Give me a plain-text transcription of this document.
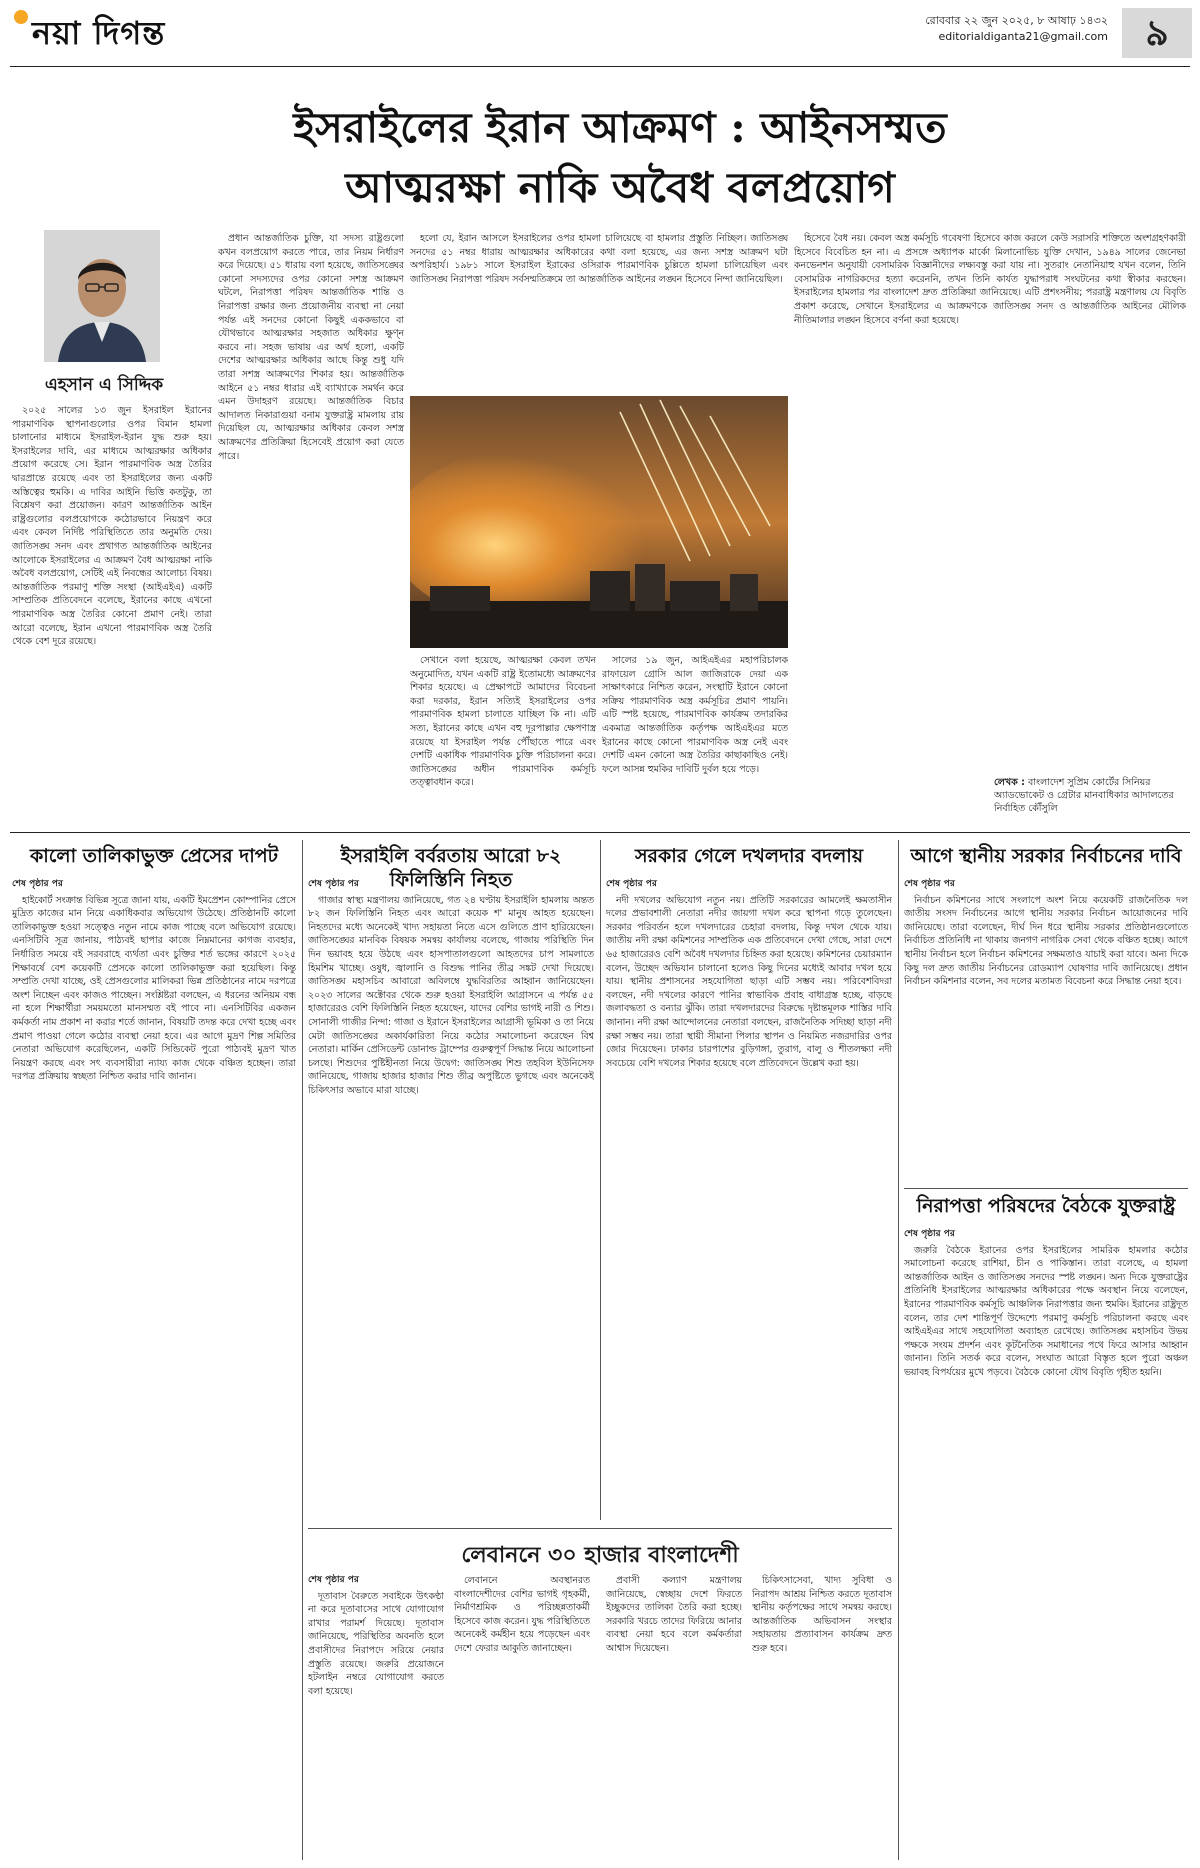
নয়া দিগন্ত	রোববার ২২ জুন ২০২৫, ৮ আষাঢ় ১৪৩২
editorialdiganta21@gmail.com	৯
ইসরাইলের ইরান আক্রমণ : আইনসম্মত
আত্মরক্ষা নাকি অবৈধ বলপ্রয়োগ
এহসান এ সিদ্দিক

২০২৫ সালের ১৩ জুন ইসরাইল ইরানের পারমাণবিক স্থাপনাগুলোর ওপর বিমান হামলা চালানোর মাধ্যমে ইসরাইল-ইরান যুদ্ধ শুরু হয়। ইসরাইলের দাবি, এর মাধ্যমে আত্মরক্ষার অধিকার প্রয়োগ করেছে সে। ইরান পারমাণবিক অস্ত্র তৈরির দ্বারপ্রান্তে রয়েছে এবং তা ইসরাইলের জন্য একটি অস্তিত্বের হুমকি। এ দাবির আইনি ভিত্তি কতটুকু, তা বিশ্লেষণ করা প্রয়োজন। কারণ আন্তর্জাতিক আইন রাষ্ট্রগুলোর বলপ্রয়োগকে কঠোরভাবে নিয়ন্ত্রণ করে এবং কেবল নির্দিষ্ট পরিস্থিতিতে তার অনুমতি দেয়। জাতিসঙ্ঘ সনদ এবং প্রথাগত আন্তর্জাতিক আইনের আলোকে ইসরাইলের এ আক্রমণ বৈধ আত্মরক্ষা নাকি অবৈধ বলপ্রয়োগ, সেটিই এই নিবন্ধের আলোচ্য বিষয়। আন্তর্জাতিক পরমাণু শক্তি সংস্থা (আইএইএ) একটি সাম্প্রতিক প্রতিবেদনে বলেছে, ইরানের কাছে এখনো পারমাণবিক অস্ত্র তৈরির কোনো প্রমাণ নেই। তারা আরো বলেছে, ইরান এখনো পারমাণবিক অস্ত্র তৈরি থেকে বেশ দূরে রয়েছে।

প্রধান আন্তর্জাতিক চুক্তি, যা সদস্য রাষ্ট্রগুলো কখন বলপ্রয়োগ করতে পারে, তার নিয়ম নির্ধারণ করে দিয়েছে। ৫১ ধারায় বলা হয়েছে, জাতিসঙ্ঘের কোনো সদস্যদের ওপর কোনো সশস্ত্র আক্রমণ ঘটলে, নিরাপত্তা পরিষদ আন্তর্জাতিক শান্তি ও নিরাপত্তা রক্ষার জন্য প্রয়োজনীয় ব্যবস্থা না নেয়া পর্যন্ত এই সনদের কোনো কিছুই এককভাবে বা যৌথভাবে আত্মরক্ষার সহজাত অধিকার ক্ষুণ্ন করবে না। সহজ ভাষায় এর অর্থ হলো, একটি দেশের আত্মরক্ষার অধিকার আছে কিন্তু শুধু যদি তারা সশস্ত্র আক্রমণের শিকার হয়। আন্তর্জাতিক আইনে ৫১ নম্বর ধারার এই ব্যাখ্যাকে সমর্থন করে এমন উদাহরণ রয়েছে। আন্তর্জাতিক বিচার আদালত নিকারাগুয়া বনাম যুক্তরাষ্ট্র মামলায় রায় দিয়েছিল যে, আত্মরক্ষার অধিকার কেবল সশস্ত্র আক্রমণের প্রতিক্রিয়া হিসেবেই প্রয়োগ করা যেতে পারে।

হলো যে, ইরান আসলে ইসরাইলের ওপর হামলা চালিয়েছে বা হামলার প্রস্তুতি নিচ্ছিল। জাতিসঙ্ঘ সনদের ৫১ নম্বর ধারায় আত্মরক্ষার অধিকারের কথা বলা হয়েছে, এর জন্য সশস্ত্র আক্রমণ ঘটা অপরিহার্য। ১৯৮১ সালে ইসরাইল ইরাকের ওসিরাক পারমাণবিক চুল্লিতে হামলা চালিয়েছিল এবং জাতিসঙ্ঘ নিরাপত্তা পরিষদ সর্বসম্মতিক্রমে তা আন্তর্জাতিক আইনের লঙ্ঘন হিসেবে নিন্দা জানিয়েছিল।

সেখানে বলা হয়েছে, আত্মরক্ষা কেবল তখন অনুমোদিত, যখন একটি রাষ্ট্র ইতোমধ্যে আক্রমণের শিকার হয়েছে। এ প্রেক্ষাপটে আমাদের বিবেচনা করা দরকার, ইরান সত্যিই ইসরাইলের ওপর পারমাণবিক হামলা চালাতে যাচ্ছিল কি না। এটি সত্য, ইরানের কাছে এখন বহু দূরপাল্লার ক্ষেপণাস্ত্র রয়েছে যা ইসরাইল পর্যন্ত পৌঁছাতে পারে এবং দেশটি একাধিক পারমাণবিক চুক্তি পরিচালনা করে। জাতিসঙ্ঘের অধীন পারমাণবিক কর্মসূচি তত্ত্বাবধান করে।

সালের ১৯ জুন, আইএইএর মহাপরিচালক রাফায়েল গ্রোসি আল জাজিরাকে দেয়া এক সাক্ষাৎকারে নিশ্চিত করেন, সংস্থাটি ইরানে কোনো সক্রিয় পারমাণবিক অস্ত্র কর্মসূচির প্রমাণ পায়নি। এটি স্পষ্ট হয়েছে, পারমাণবিক কার্যক্রম তদারকির একমাত্র আন্তর্জাতিক কর্তৃপক্ষ আইএইএর মতে ইরানের কাছে কোনো পারমাণবিক অস্ত্র নেই এবং দেশটি এমন কোনো অস্ত্র তৈরির কাছাকাছিও নেই। ফলে আসন্ন হুমকির দাবিটি দুর্বল হয়ে পড়ে।

হিসেবে বৈধ নয়। কেবল অস্ত্র কর্মসূচি গবেষণা হিসেবে কাজ করলে কেউ সরাসরি শক্তিতে অংশগ্রহণকারী হিসেবে বিবেচিত হন না। এ প্রসঙ্গে অধ্যাপক মার্কো মিলানোভিচ যুক্তি দেখান, ১৯৪৯ সালের জেনেভা কনভেনশন অনুযায়ী বেসামরিক বিজ্ঞানীদের লক্ষ্যবস্তু করা যায় না। সুতরাং নেতানিয়াহু যখন বলেন, তিনি বেসামরিক নাগরিকদের হত্যা করেননি, তখন তিনি কার্যত যুদ্ধাপরাধ সংঘটনের কথা স্বীকার করছেন। ইসরাইলের হামলার পর বাংলাদেশ দ্রুত প্রতিক্রিয়া জানিয়েছে। এটি প্রশংসনীয়; পররাষ্ট্র মন্ত্রণালয় যে বিবৃতি প্রকাশ করেছে, সেখানে ইসরাইলের এ আক্রমণকে জাতিসঙ্ঘ সনদ ও আন্তর্জাতিক আইনের মৌলিক নীতিমালার লঙ্ঘন হিসেবে বর্ণনা করা হয়েছে।

লেখক : বাংলাদেশ সুপ্রিম কোর্টের সিনিয়র অ্যাডভোকেট ও গ্রেটার মানবাধিকার আদালতের নির্বাহিত কৌঁসুলি
কালো তালিকাভুক্ত প্রেসের দাপট
শেষ পৃষ্ঠার পর

হাইকোর্ট সংক্রান্ত বিভিন্ন সূত্রে জানা যায়, একটি ইমপ্রেশন কোম্পানির প্রেসে মুদ্রিত কাজের মান নিয়ে একাধিকবার অভিযোগ উঠেছে। প্রতিষ্ঠানটি কালো তালিকাভুক্ত হওয়া সত্ত্বেও নতুন নামে কাজ পাচ্ছে বলে অভিযোগ রয়েছে। এনসিটিবি সূত্র জানায়, পাঠ্যবই ছাপার কাজে নিম্নমানের কাগজ ব্যবহার, নির্ধারিত সময়ে বই সরবরাহে ব্যর্থতা এবং চুক্তির শর্ত ভঙ্গের কারণে ২০২৫ শিক্ষাবর্ষে বেশ কয়েকটি প্রেসকে কালো তালিকাভুক্ত করা হয়েছিল। কিন্তু সম্প্রতি দেখা যাচ্ছে, ওই প্রেসগুলোর মালিকরা ভিন্ন প্রতিষ্ঠানের নামে দরপত্রে অংশ নিচ্ছেন এবং কাজও পাচ্ছেন। সংশ্লিষ্টরা বলছেন, এ ধরনের অনিয়ম বন্ধ না হলে শিক্ষার্থীরা সময়মতো মানসম্মত বই পাবে না। এনসিটিবির একজন কর্মকর্তা নাম প্রকাশ না করার শর্তে জানান, বিষয়টি তদন্ত করে দেখা হচ্ছে এবং প্রমাণ পাওয়া গেলে কঠোর ব্যবস্থা নেয়া হবে। এর আগে মুদ্রণ শিল্প সমিতির নেতারা অভিযোগ করেছিলেন, একটি সিন্ডিকেট পুরো পাঠ্যবই মুদ্রণ খাত নিয়ন্ত্রণ করছে এবং সৎ ব্যবসায়ীরা ন্যায্য কাজ থেকে বঞ্চিত হচ্ছেন। তারা দরপত্র প্রক্রিয়ায় স্বচ্ছতা নিশ্চিত করার দাবি জানান।

ইসরাইলি বর্বরতায় আরো ৮২ ফিলিস্তিনি নিহত
শেষ পৃষ্ঠার পর

গাজার স্বাস্থ্য মন্ত্রণালয় জানিয়েছে, গত ২৪ ঘণ্টায় ইসরাইলি হামলায় অন্তত ৮২ জন ফিলিস্তিনি নিহত এবং আরো কয়েক শ' মানুষ আহত হয়েছেন। নিহতদের মধ্যে অনেকেই খাদ্য সহায়তা নিতে এসে গুলিতে প্রাণ হারিয়েছেন। জাতিসঙ্ঘের মানবিক বিষয়ক সমন্বয় কার্যালয় বলেছে, গাজায় পরিস্থিতি দিন দিন ভয়াবহ হয়ে উঠছে এবং হাসপাতালগুলো আহতদের চাপ সামলাতে হিমশিম খাচ্ছে। ওষুধ, জ্বালানি ও বিশুদ্ধ পানির তীব্র সঙ্কট দেখা দিয়েছে। জাতিসঙ্ঘ মহাসচিব আবারো অবিলম্বে যুদ্ধবিরতির আহ্বান জানিয়েছেন। ২০২৩ সালের অক্টোবর থেকে শুরু হওয়া ইসরাইলি আগ্রাসনে এ পর্যন্ত ৫৫ হাজারেরও বেশি ফিলিস্তিনি নিহত হয়েছেন, যাদের বেশির ভাগই নারী ও শিশু। সোনালী গাজীর নিন্দা: গাজা ও ইরানে ইসরাইলের আগ্রাসী ভূমিকা ও তা নিয়ে মেটা জাতিসঙ্ঘের অকার্যকারিতা নিয়ে কঠোর সমালোচনা করেছেন বিশ্ব নেতারা। মার্কিন প্রেসিডেন্ট ডোনাল্ড ট্রাম্পের গুরুত্বপূর্ণ সিদ্ধান্ত নিয়ে আলোচনা চলছে। শিশুদের পুষ্টিহীনতা নিয়ে উদ্বেগ: জাতিসঙ্ঘ শিশু তহবিল ইউনিসেফ জানিয়েছে, গাজায় হাজার হাজার শিশু তীব্র অপুষ্টিতে ভুগছে এবং অনেকেই চিকিৎসার অভাবে মারা যাচ্ছে।

সরকার গেলে দখলদার বদলায়
শেষ পৃষ্ঠার পর

নদী দখলের অভিযোগ নতুন নয়। প্রতিটি সরকারের আমলেই ক্ষমতাসীন দলের প্রভাবশালী নেতারা নদীর জায়গা দখল করে স্থাপনা গড়ে তুলেছেন। সরকার পরিবর্তন হলে দখলদারের চেহারা বদলায়, কিন্তু দখল থেকে যায়। জাতীয় নদী রক্ষা কমিশনের সাম্প্রতিক এক প্রতিবেদনে দেখা গেছে, সারা দেশে ৬৫ হাজারেরও বেশি অবৈধ দখলদার চিহ্নিত করা হয়েছে। কমিশনের চেয়ারম্যান বলেন, উচ্ছেদ অভিযান চালানো হলেও কিছু দিনের মধ্যেই আবার দখল হয়ে যায়। স্থানীয় প্রশাসনের সহযোগিতা ছাড়া এটি সম্ভব নয়। পরিবেশবিদরা বলছেন, নদী দখলের কারণে পানির স্বাভাবিক প্রবাহ বাধাগ্রস্ত হচ্ছে, বাড়ছে জলাবদ্ধতা ও বন্যার ঝুঁকি। তারা দখলদারদের বিরুদ্ধে দৃষ্টান্তমূলক শাস্তির দাবি জানান। নদী রক্ষা আন্দোলনের নেতারা বলছেন, রাজনৈতিক সদিচ্ছা ছাড়া নদী রক্ষা সম্ভব নয়। তারা স্থায়ী সীমানা পিলার স্থাপন ও নিয়মিত নজরদারির ওপর জোর দিয়েছেন। ঢাকার চারপাশের বুড়িগঙ্গা, তুরাগ, বালু ও শীতলক্ষ্যা নদী সবচেয়ে বেশি দখলের শিকার হয়েছে বলে প্রতিবেদনে উল্লেখ করা হয়।

আগে স্থানীয় সরকার নির্বাচনের দাবি
শেষ পৃষ্ঠার পর

নির্বাচন কমিশনের সাথে সংলাপে অংশ নিয়ে কয়েকটি রাজনৈতিক দল জাতীয় সংসদ নির্বাচনের আগে স্থানীয় সরকার নির্বাচন আয়োজনের দাবি জানিয়েছে। তারা বলেছেন, দীর্ঘ দিন ধরে স্থানীয় সরকার প্রতিষ্ঠানগুলোতে নির্বাচিত প্রতিনিধি না থাকায় জনগণ নাগরিক সেবা থেকে বঞ্চিত হচ্ছে। আগে স্থানীয় নির্বাচন হলে নির্বাচন কমিশনের সক্ষমতাও যাচাই করা যাবে। অন্য দিকে কিছু দল দ্রুত জাতীয় নির্বাচনের রোডম্যাপ ঘোষণার দাবি জানিয়েছে। প্রধান নির্বাচন কমিশনার বলেন, সব দলের মতামত বিবেচনা করে সিদ্ধান্ত নেয়া হবে।

নিরাপত্তা পরিষদের বৈঠকে যুক্তরাষ্ট্র
শেষ পৃষ্ঠার পর

জরুরি বৈঠকে ইরানের ওপর ইসরাইলের সামরিক হামলার কঠোর সমালোচনা করেছে রাশিয়া, চীন ও পাকিস্তান। তারা বলেছে, এ হামলা আন্তর্জাতিক আইন ও জাতিসঙ্ঘ সনদের স্পষ্ট লঙ্ঘন। অন্য দিকে যুক্তরাষ্ট্রের প্রতিনিধি ইসরাইলের আত্মরক্ষার অধিকারের পক্ষে অবস্থান নিয়ে বলেছেন, ইরানের পারমাণবিক কর্মসূচি আঞ্চলিক নিরাপত্তার জন্য হুমকি। ইরানের রাষ্ট্রদূত বলেন, তার দেশ শান্তিপূর্ণ উদ্দেশ্যে পরমাণু কর্মসূচি পরিচালনা করছে এবং আইএইএর সাথে সহযোগিতা অব্যাহত রেখেছে। জাতিসঙ্ঘ মহাসচিব উভয় পক্ষকে সংযম প্রদর্শন এবং কূটনৈতিক সমাধানের পথে ফিরে আসার আহ্বান জানান। তিনি সতর্ক করে বলেন, সংঘাত আরো বিস্তৃত হলে পুরো অঞ্চল ভয়াবহ বিপর্যয়ের মুখে পড়বে। বৈঠকে কোনো যৌথ বিবৃতি গৃহীত হয়নি।

লেবাননে ৩০ হাজার বাংলাদেশী
শেষ পৃষ্ঠার পর

দূতাবাস বৈরুতে সবাইকে উৎকণ্ঠা না করে দূতাবাসের সাথে যোগাযোগ রাখার পরামর্শ দিয়েছে। দূতাবাস জানিয়েছে, পরিস্থিতির অবনতি হলে প্রবাসীদের নিরাপদে সরিয়ে নেয়ার প্রস্তুতি রয়েছে। জরুরি প্রয়োজনে হটলাইন নম্বরে যোগাযোগ করতে বলা হয়েছে।

লেবাননে অবস্থানরত বাংলাদেশীদের বেশির ভাগই গৃহকর্মী, নির্মাণশ্রমিক ও পরিচ্ছন্নতাকর্মী হিসেবে কাজ করেন। যুদ্ধ পরিস্থিতিতে অনেকেই কর্মহীন হয়ে পড়েছেন এবং দেশে ফেরার আকুতি জানাচ্ছেন।

প্রবাসী কল্যাণ মন্ত্রণালয় জানিয়েছে, স্বেচ্ছায় দেশে ফিরতে ইচ্ছুকদের তালিকা তৈরি করা হচ্ছে। সরকারি খরচে তাদের ফিরিয়ে আনার ব্যবস্থা নেয়া হবে বলে কর্মকর্তারা আশ্বাস দিয়েছেন।

চিকিৎসাসেবা, খাদ্য সুবিধা ও নিরাপদ আশ্রয় নিশ্চিত করতে দূতাবাস স্থানীয় কর্তৃপক্ষের সাথে সমন্বয় করছে। আন্তর্জাতিক অভিবাসন সংস্থার সহায়তায় প্রত্যাবাসন কার্যক্রম দ্রুত শুরু হবে।
